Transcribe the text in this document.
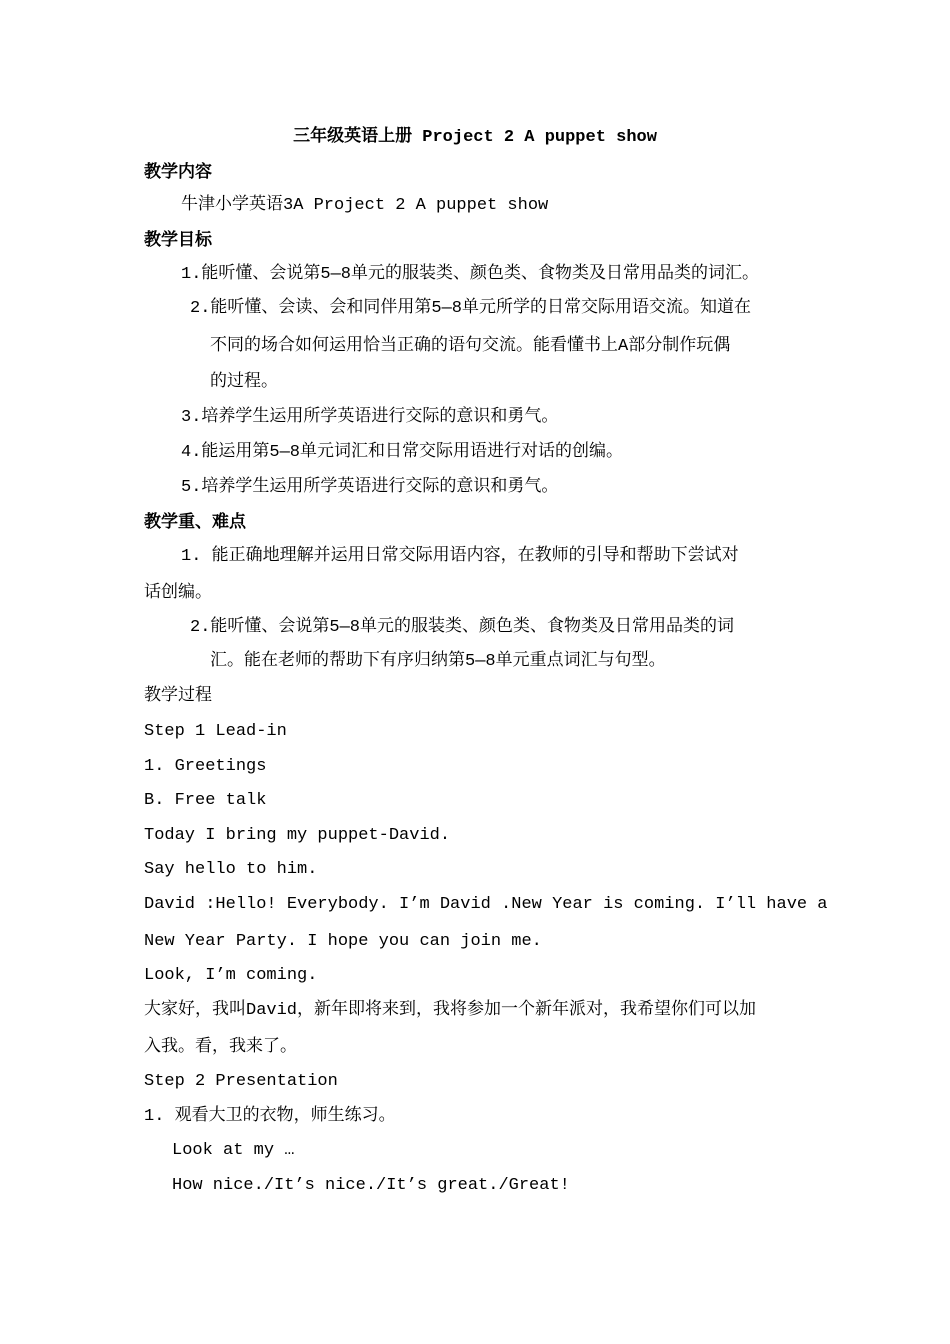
三年级英语上册 Project 2 A puppet show
教学内容
牛津小学英语3A Project 2 A puppet show
教学目标
1.能听懂、会说第5—8单元的服装类、颜色类、食物类及日常用品类的词汇。
2.能听懂、会读、会和同伴用第5—8单元所学的日常交际用语交流。知道在
不同的场合如何运用恰当正确的语句交流。能看懂书上A部分制作玩偶
的过程。
3.培养学生运用所学英语进行交际的意识和勇气。
4.能运用第5—8单元词汇和日常交际用语进行对话的创编。
5.培养学生运用所学英语进行交际的意识和勇气。
教学重、难点
1. 能正确地理解并运用日常交际用语内容，在教师的引导和帮助下尝试对
话创编。
2.能听懂、会说第5—8单元的服装类、颜色类、食物类及日常用品类的词
汇。能在老师的帮助下有序归纳第5—8单元重点词汇与句型。
教学过程
Step 1 Lead-in
1. Greetings
B. Free talk
Today I bring my puppet-David.
Say hello to him.
David :Hello! Everybody. I’m David .New Year is coming. I’ll have a
New Year Party. I hope you can join me.
Look, I’m coming.
大家好，我叫David，新年即将来到，我将参加一个新年派对，我希望你们可以加
入我。看，我来了。
Step 2 Presentation
1. 观看大卫的衣物，师生练习。
Look at my …
How nice./It’s nice./It’s great./Great!
